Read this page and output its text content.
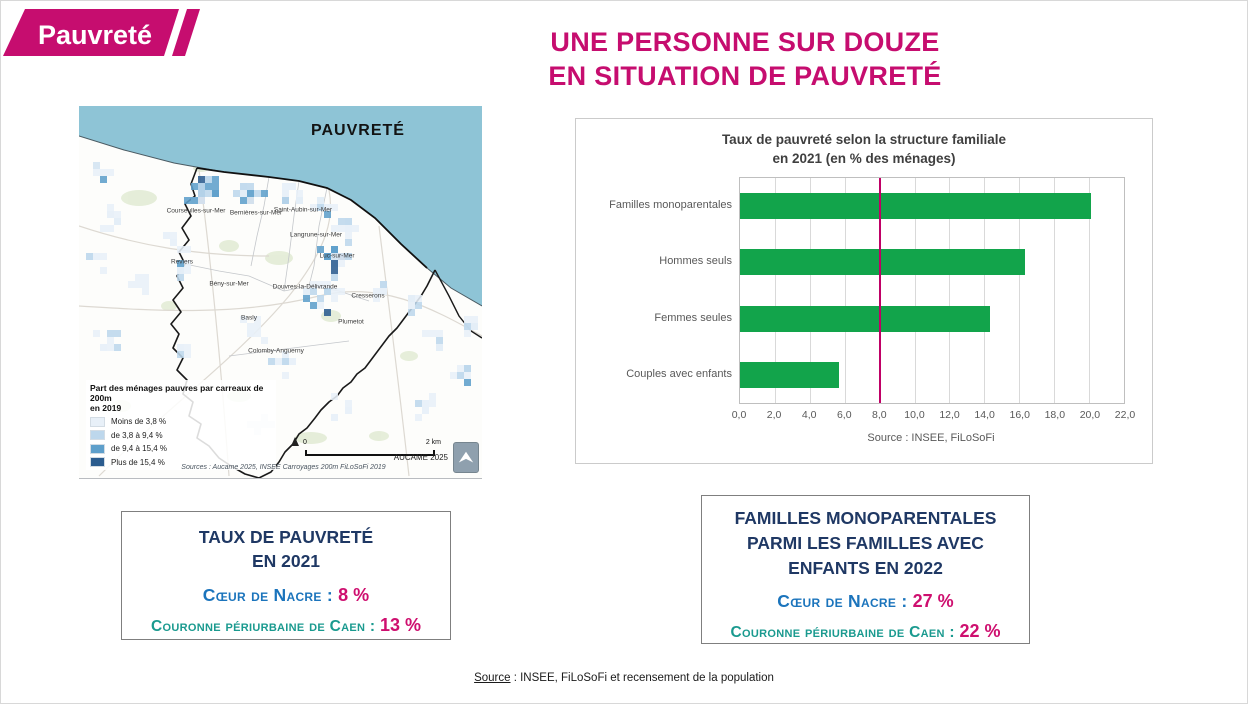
Pauvreté	UNE PERSONNE SUR DOUZE
EN SITUATION DE PAUVRETÉ
Courseulles-sur-Mer Bernières-sur-Mer
Saint-Aubin-sur-Mer
Langrune-sur-Mer
Luc-sur-Mer
Reviers
Bény-sur-Mer	Douvres-la-Délivrande
Cresserons
Basly
Plumetot
Colomby-Anguerny
PAUVRETÉ
Part des ménages pauvres par carreaux de 200m
en 2019
Moins de 3,8 %
de 3,8 à 9,4 %
de 9,4 à 15,4 %
Plus de 15,4 %
0	2 km
AUCAME 2025
Sources : Aucame 2025, INSEE Carroyages 200m FiLoSoFi 2019
Taux de pauvreté selon la structure familiale
en 2021 (en % des ménages)
0,0 2,0 4,0 6,0 8,0 10,0 12,0 14,0 16,0 18,0 20,0 22,0
Source : INSEE, FiLoSoFi
Familles monoparentales
Hommes seuls
Femmes seules
Couples avec enfants
TAUX DE PAUVRETÉ
EN 2021
Cœur de Nacre : 8 %
Couronne périurbaine de Caen : 13 %
FAMILLES MONOPARENTALES
PARMI LES FAMILLES AVEC
ENFANTS EN 2022
Cœur de Nacre : 27 %
Couronne périurbaine de Caen : 22 %
Source : INSEE, FiLoSoFi et recensement de la population
